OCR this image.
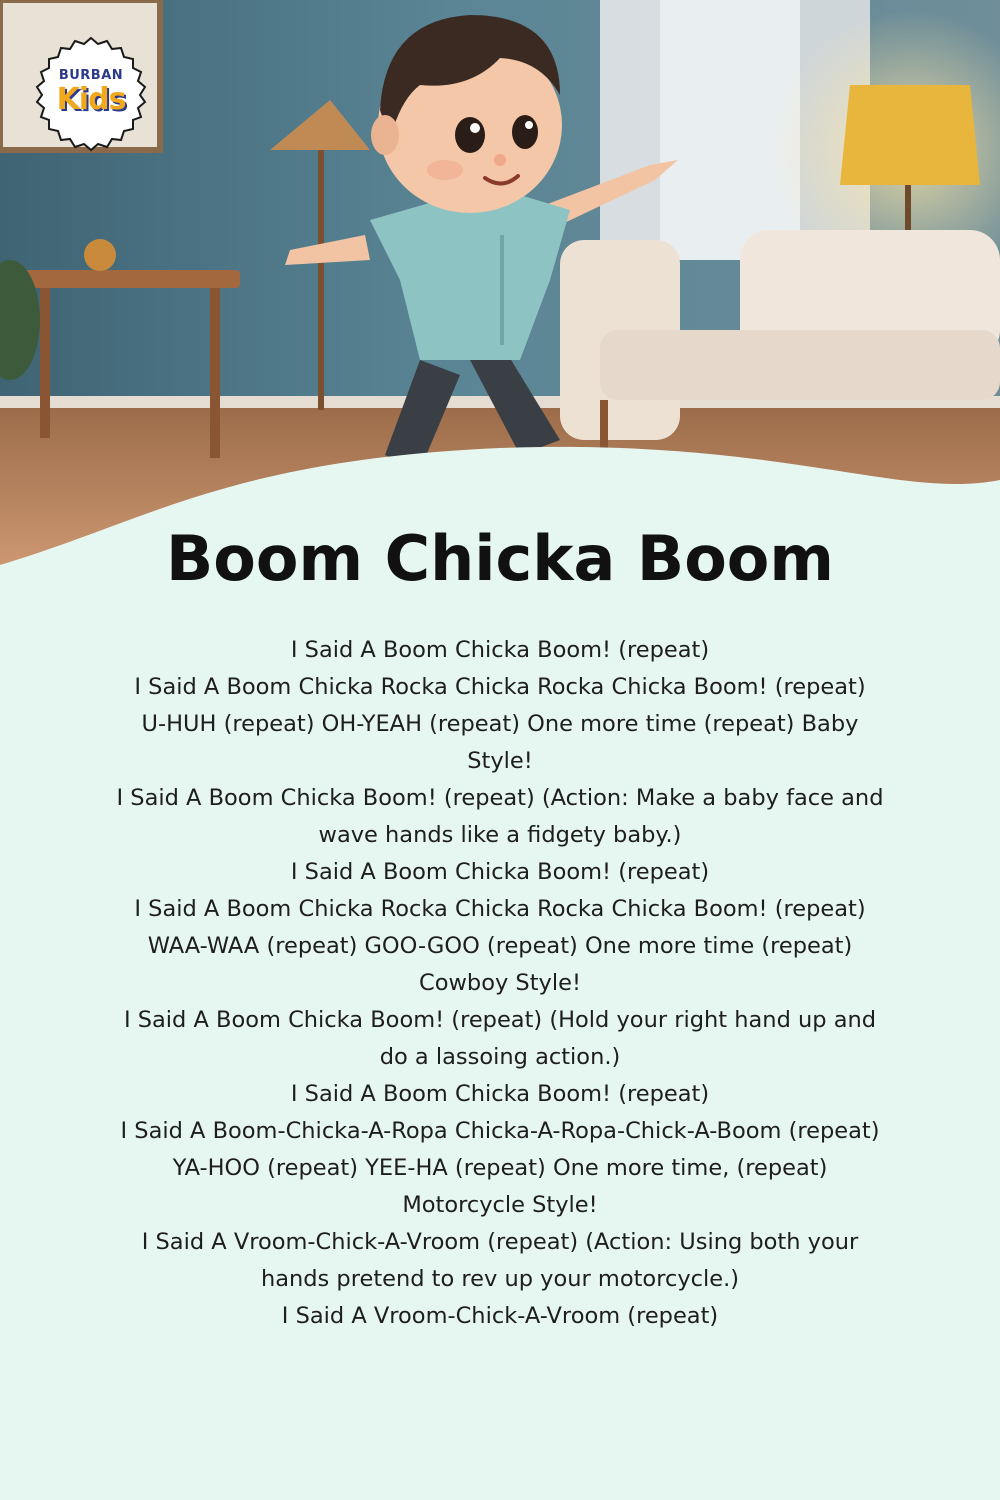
BURBAN
Kids
Boom Chicka Boom

I Said A Boom Chicka Boom! (repeat)

I Said A Boom Chicka Rocka Chicka Rocka Chicka Boom! (repeat)

U-HUH (repeat) OH-YEAH (repeat) One more time (repeat) Baby Style!

I Said A Boom Chicka Boom! (repeat) (Action: Make a baby face and wave hands like a fidgety baby.)

I Said A Boom Chicka Boom! (repeat)

I Said A Boom Chicka Rocka Chicka Rocka Chicka Boom! (repeat)

WAA-WAA (repeat) GOO-GOO (repeat) One more time (repeat) Cowboy Style!

I Said A Boom Chicka Boom! (repeat) (Hold your right hand up and do a lassoing action.)

I Said A Boom Chicka Boom! (repeat)

I Said A Boom-Chicka-A-Ropa Chicka-A-Ropa-Chick-A-Boom (repeat)

YA-HOO (repeat) YEE-HA (repeat) One more time, (repeat) Motorcycle Style!

I Said A Vroom-Chick-A-Vroom (repeat) (Action: Using both your hands pretend to rev up your motorcycle.)

I Said A Vroom-Chick-A-Vroom (repeat)
